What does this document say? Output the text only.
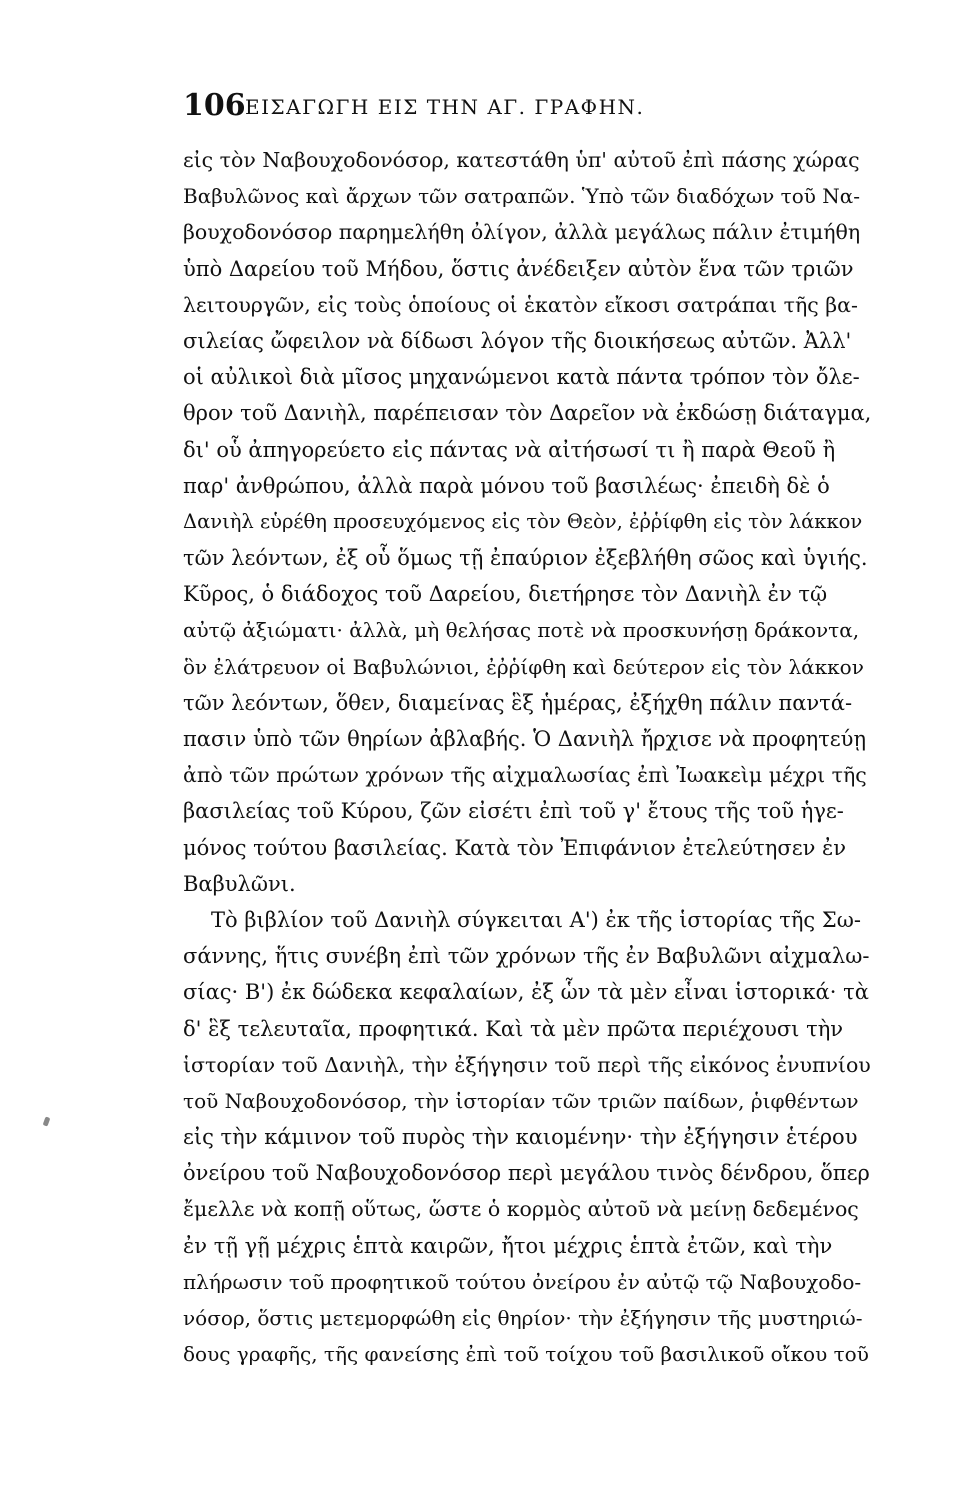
106 ΕΙΣΑΓΩΓΗ ΕΙΣ ΤΗΝ ΑΓ. ΓΡΑΦΗΝ.
εἰς τὸν Ναβουχοδονόσορ, κατεστάθη ὑπ' αὐτοῦ ἐπὶ πάσης χώρας
Βαβυλῶνος καὶ ἄρχων τῶν σατραπῶν. Ὑπὸ τῶν διαδόχων τοῦ Να-
βουχοδονόσορ παρημελήθη ὀλίγον, ἀλλὰ μεγάλως πάλιν ἐτιμήθη
ὑπὸ Δαρείου τοῦ Μήδου, ὅστις ἀνέδειξεν αὐτὸν ἕνα τῶν τριῶν
λειτουργῶν, εἰς τοὺς ὁποίους οἱ ἑκατὸν εἴκοσι σατράπαι τῆς βα-
σιλείας ὤφειλον νὰ δίδωσι λόγον τῆς διοικήσεως αὐτῶν. Ἀλλ'
οἱ αὐλικοὶ διὰ μῖσος μηχανώμενοι κατὰ πάντα τρόπον τὸν ὄλε-
θρον τοῦ Δανιὴλ, παρέπεισαν τὸν Δαρεῖον νὰ ἐκδώσῃ διάταγμα,
δι' οὗ ἀπηγορεύετο εἰς πάντας νὰ αἰτήσωσί τι ἢ παρὰ Θεοῦ ἢ
παρ' ἀνθρώπου, ἀλλὰ παρὰ μόνου τοῦ βασιλέως· ἐπειδὴ δὲ ὁ
Δανιὴλ εὑρέθη προσευχόμενος εἰς τὸν Θεὸν, ἐῤῥίφθη εἰς τὸν λάκκον
τῶν λεόντων, ἐξ οὗ ὅμως τῇ ἐπαύριον ἐξεβλήθη σῶος καὶ ὑγιής.
Κῦρος, ὁ διάδοχος τοῦ Δαρείου, διετήρησε τὸν Δανιὴλ ἐν τῷ
αὐτῷ ἀξιώματι· ἀλλὰ, μὴ θελήσας ποτὲ νὰ προσκυνήσῃ δράκοντα,
ὃν ἐλάτρευον οἱ Βαβυλώνιοι, ἐῤῥίφθη καὶ δεύτερον εἰς τὸν λάκκον
τῶν λεόντων, ὅθεν, διαμείνας ἓξ ἡμέρας, ἐξήχθη πάλιν παντά-
πασιν ὑπὸ τῶν θηρίων ἀβλαβής. Ὁ Δανιὴλ ἤρχισε νὰ προφητεύῃ
ἀπὸ τῶν πρώτων χρόνων τῆς αἰχμαλωσίας ἐπὶ Ἰωακεὶμ μέχρι τῆς
βασιλείας τοῦ Κύρου, ζῶν εἰσέτι ἐπὶ τοῦ γ' ἔτους τῆς τοῦ ἡγε-
μόνος τούτου βασιλείας. Κατὰ τὸν Ἐπιφάνιον ἐτελεύτησεν ἐν
Βαβυλῶνι.
Τὸ βιβλίον τοῦ Δανιὴλ σύγκειται Α') ἐκ τῆς ἱστορίας τῆς Σω-
σάννης, ἥτις συνέβη ἐπὶ τῶν χρόνων τῆς ἐν Βαβυλῶνι αἰχμαλω-
σίας· Β') ἐκ δώδεκα κεφαλαίων, ἐξ ὧν τὰ μὲν εἶναι ἱστορικά· τὰ
δ' ἓξ τελευταῖα, προφητικά. Καὶ τὰ μὲν πρῶτα περιέχουσι τὴν
ἱστορίαν τοῦ Δανιὴλ, τὴν ἐξήγησιν τοῦ περὶ τῆς εἰκόνος ἐνυπνίου
τοῦ Ναβουχοδονόσορ, τὴν ἱστορίαν τῶν τριῶν παίδων, ῥιφθέντων
εἰς τὴν κάμινον τοῦ πυρὸς τὴν καιομένην· τὴν ἐξήγησιν ἑτέρου
ὀνείρου τοῦ Ναβουχοδονόσορ περὶ μεγάλου τινὸς δένδρου, ὅπερ
ἔμελλε νὰ κοπῇ οὕτως, ὥστε ὁ κορμὸς αὐτοῦ νὰ μείνῃ δεδεμένος
ἐν τῇ γῇ μέχρις ἑπτὰ καιρῶν, ἤτοι μέχρις ἑπτὰ ἐτῶν, καὶ τὴν
πλήρωσιν τοῦ προφητικοῦ τούτου ὀνείρου ἐν αὐτῷ τῷ Ναβουχοδο-
νόσορ, ὅστις μετεμορφώθη εἰς θηρίον· τὴν ἐξήγησιν τῆς μυστηριώ-
δους γραφῆς, τῆς φανείσης ἐπὶ τοῦ τοίχου τοῦ βασιλικοῦ οἴκου τοῦ
